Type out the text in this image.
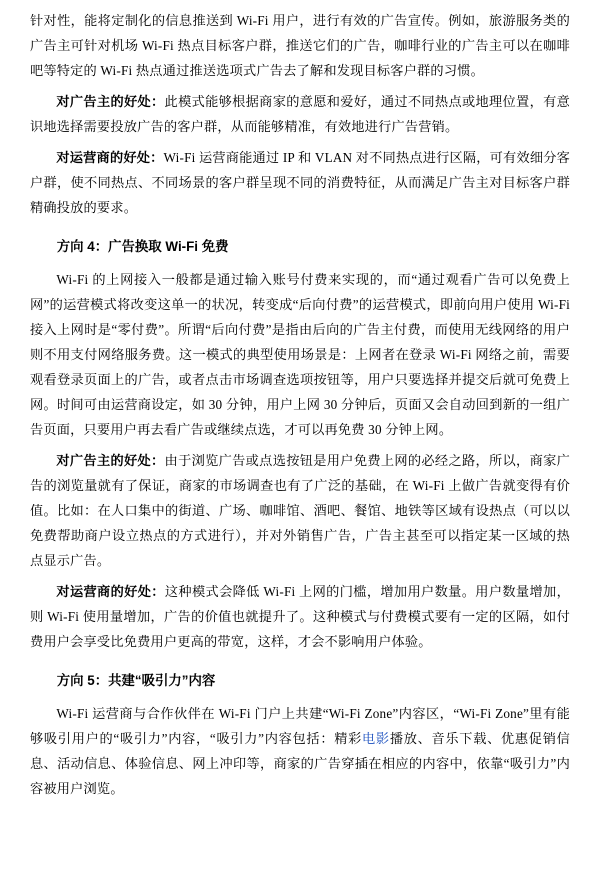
针对性，能将定制化的信息推送到 Wi-Fi 用户，进行有效的广告宣传。例如，旅游服务类的广告主可针对机场 Wi-Fi 热点目标客户群，推送它们的广告，咖啡行业的广告主可以在咖啡吧等特定的 Wi-Fi 热点通过推送选项式广告去了解和发现目标客户群的习惯。

对广告主的好处：此模式能够根据商家的意愿和爱好，通过不同热点或地理位置，有意识地选择需要投放广告的客户群，从而能够精准，有效地进行广告营销。

对运营商的好处：Wi-Fi 运营商能通过 IP 和 VLAN 对不同热点进行区隔，可有效细分客户群，使不同热点、不同场景的客户群呈现不同的消费特征，从而满足广告主对目标客户群精确投放的要求。

方向 4：广告换取 Wi-Fi 免费

Wi-Fi 的上网接入一般都是通过输入账号付费来实现的，而“通过观看广告可以免费上网”的运营模式将改变这单一的状况，转变成“后向付费”的运营模式，即前向用户使用 Wi-Fi 接入上网时是“零付费”。所谓“后向付费”是指由后向的广告主付费，而使用无线网络的用户则不用支付网络服务费。这一模式的典型使用场景是：上网者在登录 Wi-Fi 网络之前，需要观看登录页面上的广告，或者点击市场调查选项按钮等，用户只要选择并提交后就可免费上网。时间可由运营商设定，如 30 分钟，用户上网 30 分钟后，页面又会自动回到新的一组广告页面，只要用户再去看广告或继续点选，才可以再免费 30 分钟上网。

对广告主的好处：由于浏览广告或点选按钮是用户免费上网的必经之路，所以，商家广告的浏览量就有了保证，商家的市场调查也有了广泛的基础，在 Wi-Fi 上做广告就变得有价值。比如：在人口集中的街道、广场、咖啡馆、酒吧、餐馆、地铁等区域有设热点（可以以免费帮助商户设立热点的方式进行），并对外销售广告，广告主甚至可以指定某一区域的热点显示广告。

对运营商的好处：这种模式会降低 Wi-Fi 上网的门槛，增加用户数量。用户数量增加，则 Wi-Fi 使用量增加，广告的价值也就提升了。这种模式与付费模式要有一定的区隔，如付费用户会享受比免费用户更高的带宽，这样，才会不影响用户体验。

方向 5：共建“吸引力”内容

Wi-Fi 运营商与合作伙伴在 Wi-Fi 门户上共建“Wi-Fi Zone”内容区，“Wi-Fi Zone”里有能够吸引用户的“吸引力”内容，“吸引力”内容包括：精彩电影播放、音乐下载、优惠促销信息、活动信息、体验信息、网上冲印等，商家的广告穿插在相应的内容中，依靠“吸引力”内容被用户浏览。
